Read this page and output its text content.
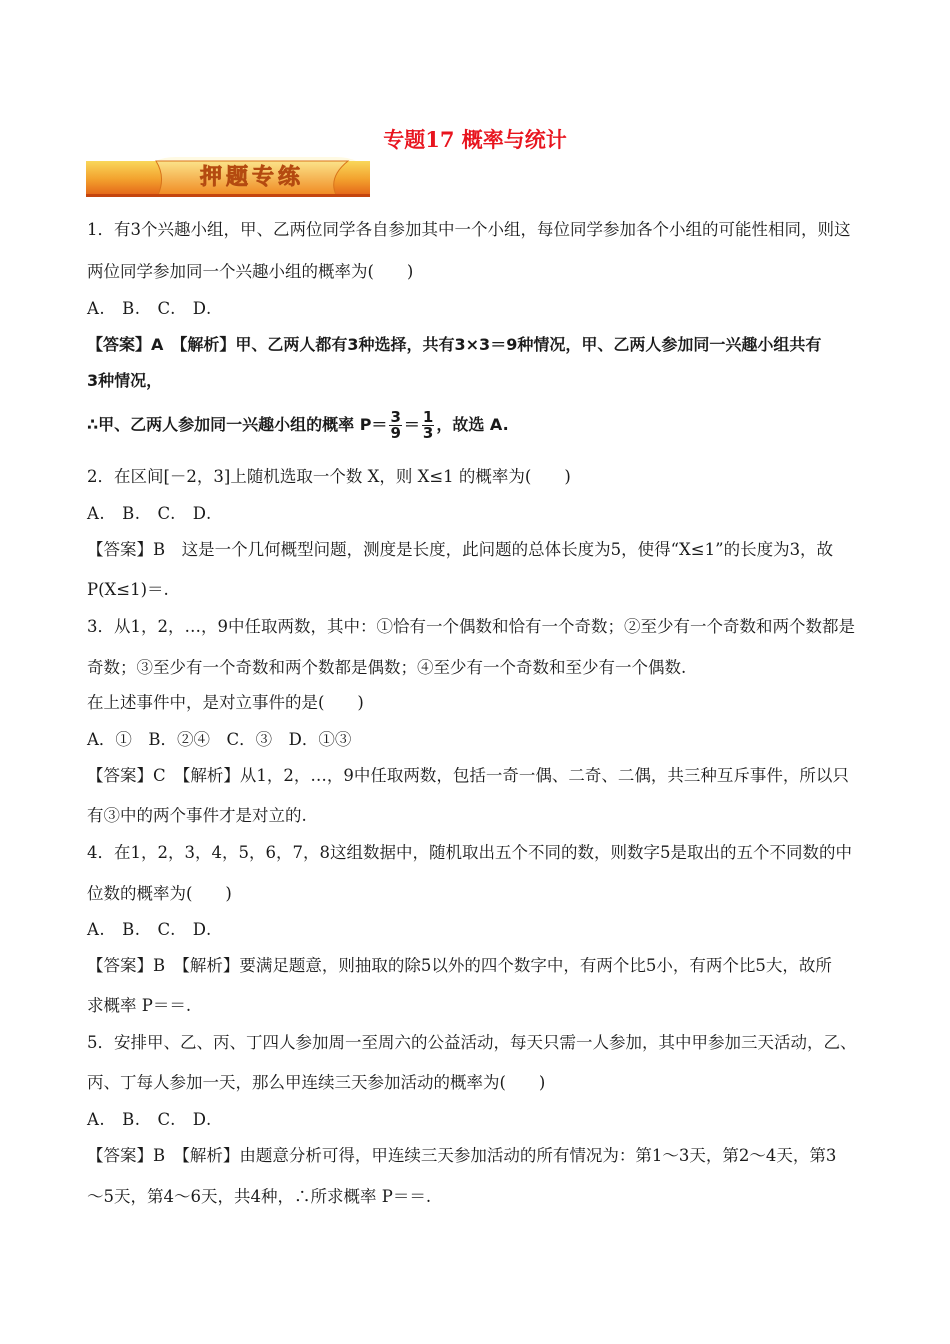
专题17 概率与统计
押题专练
1．有3个兴趣小组，甲、乙两位同学各自参加其中一个小组，每位同学参加各个小组的可能性相同，则这
两位同学参加同一个兴趣小组的概率为(　　)
A.　B.　C.　D.
【答案】A　【解析】甲、乙两人都有3种选择，共有3×3＝9种情况，甲、乙两人参加同一兴趣小组共有
3种情况，
∴甲、乙两人参加同一兴趣小组的概率 $P= \frac{3}{9} = \frac{1}{3}$ ，故选 A.
2．在区间[－2，3]上随机选取一个数 X，则 X≤1 的概率为(　　)
A.　B.　C.　D.
【答案】B　这是一个几何概型问题，测度是长度，此问题的总体长度为5，使得“X≤1”的长度为3，故
P(X≤1)＝.
3．从1，2，…，9中任取两数，其中：①恰有一个偶数和恰有一个奇数；②至少有一个奇数和两个数都是
奇数；③至少有一个奇数和两个数都是偶数；④至少有一个奇数和至少有一个偶数.
在上述事件中，是对立事件的是(　　)
A．①　B．②④　C．③　D．①③
【答案】C　【解析】从1，2，…，9中任取两数，包括一奇一偶、二奇、二偶，共三种互斥事件，所以只
有③中的两个事件才是对立的.
4．在1，2，3，4，5，6，7，8这组数据中，随机取出五个不同的数，则数字5是取出的五个不同数的中
位数的概率为(　　)
A.　B.　C.　D.
【答案】B　【解析】要满足题意，则抽取的除5以外的四个数字中，有两个比5小，有两个比5大，故所
求概率 P＝＝.
5．安排甲、乙、丙、丁四人参加周一至周六的公益活动，每天只需一人参加，其中甲参加三天活动，乙、
丙、丁每人参加一天，那么甲连续三天参加活动的概率为(　　)
A.　B.　C.　D.
【答案】B　【解析】由题意分析可得，甲连续三天参加活动的所有情况为：第1～3天，第2～4天，第3
～5天，第4～6天，共4种，∴所求概率 P＝＝.
